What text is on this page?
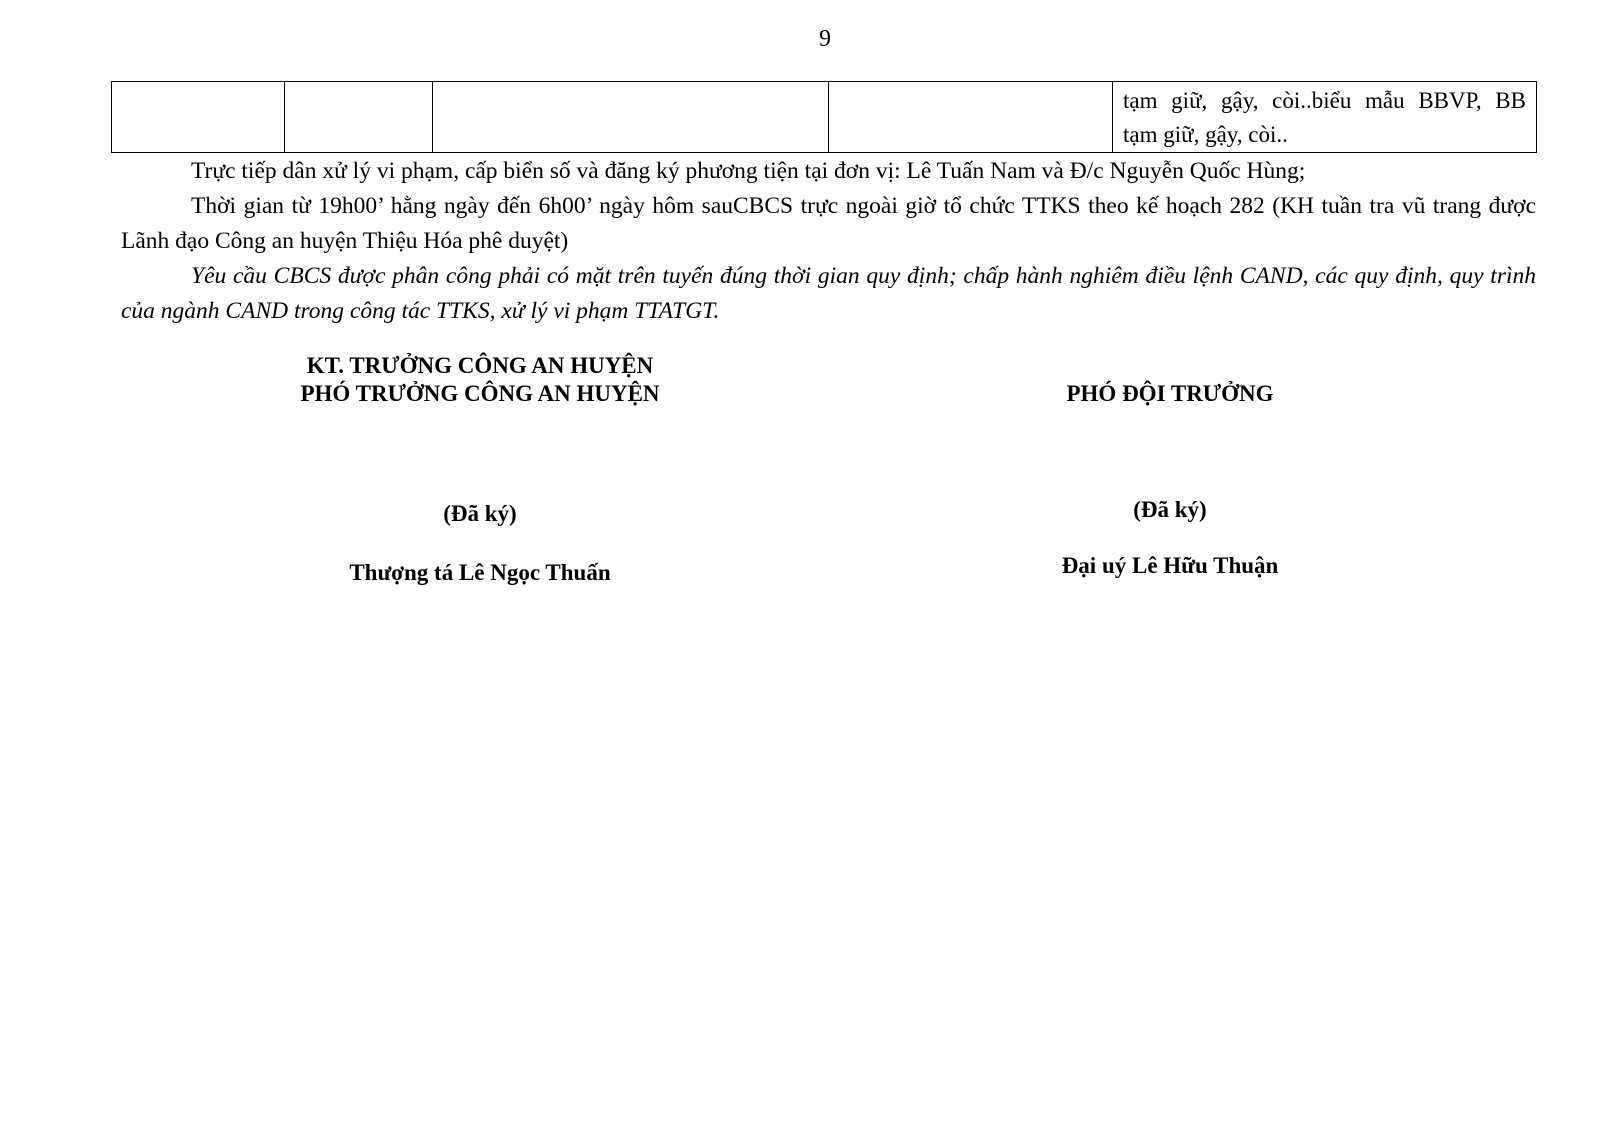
9

tạm giữ, gậy, còi..biểu mẫu BBVP, BB
tạm giữ, gậy, còi..

Trực tiếp dân xử lý vi phạm, cấp biển số và đăng ký phương tiện tại đơn vị: Lê Tuấn Nam và Đ/c Nguyễn Quốc Hùng;

Thời gian từ 19h00’ hằng ngày đến 6h00’ ngày hôm sauCBCS trực ngoài giờ tổ chức TTKS theo kế hoạch 282 (KH tuần tra vũ trang được Lãnh đạo Công an huyện Thiệu Hóa phê duyệt)

Yêu cầu CBCS được phân công phải có mặt trên tuyến đúng thời gian quy định; chấp hành nghiêm điều lệnh CAND, các quy định, quy trình của ngành CAND trong công tác TTKS, xử lý vi phạm TTATGT.

KT. TRƯỞNG CÔNG AN HUYỆN
PHÓ TRƯỞNG CÔNG AN HUYỆN
(Đã ký)
Thượng tá Lê Ngọc Thuấn
PHÓ ĐỘI TRƯỞNG
(Đã ký)
Đại uý Lê Hữu Thuận
